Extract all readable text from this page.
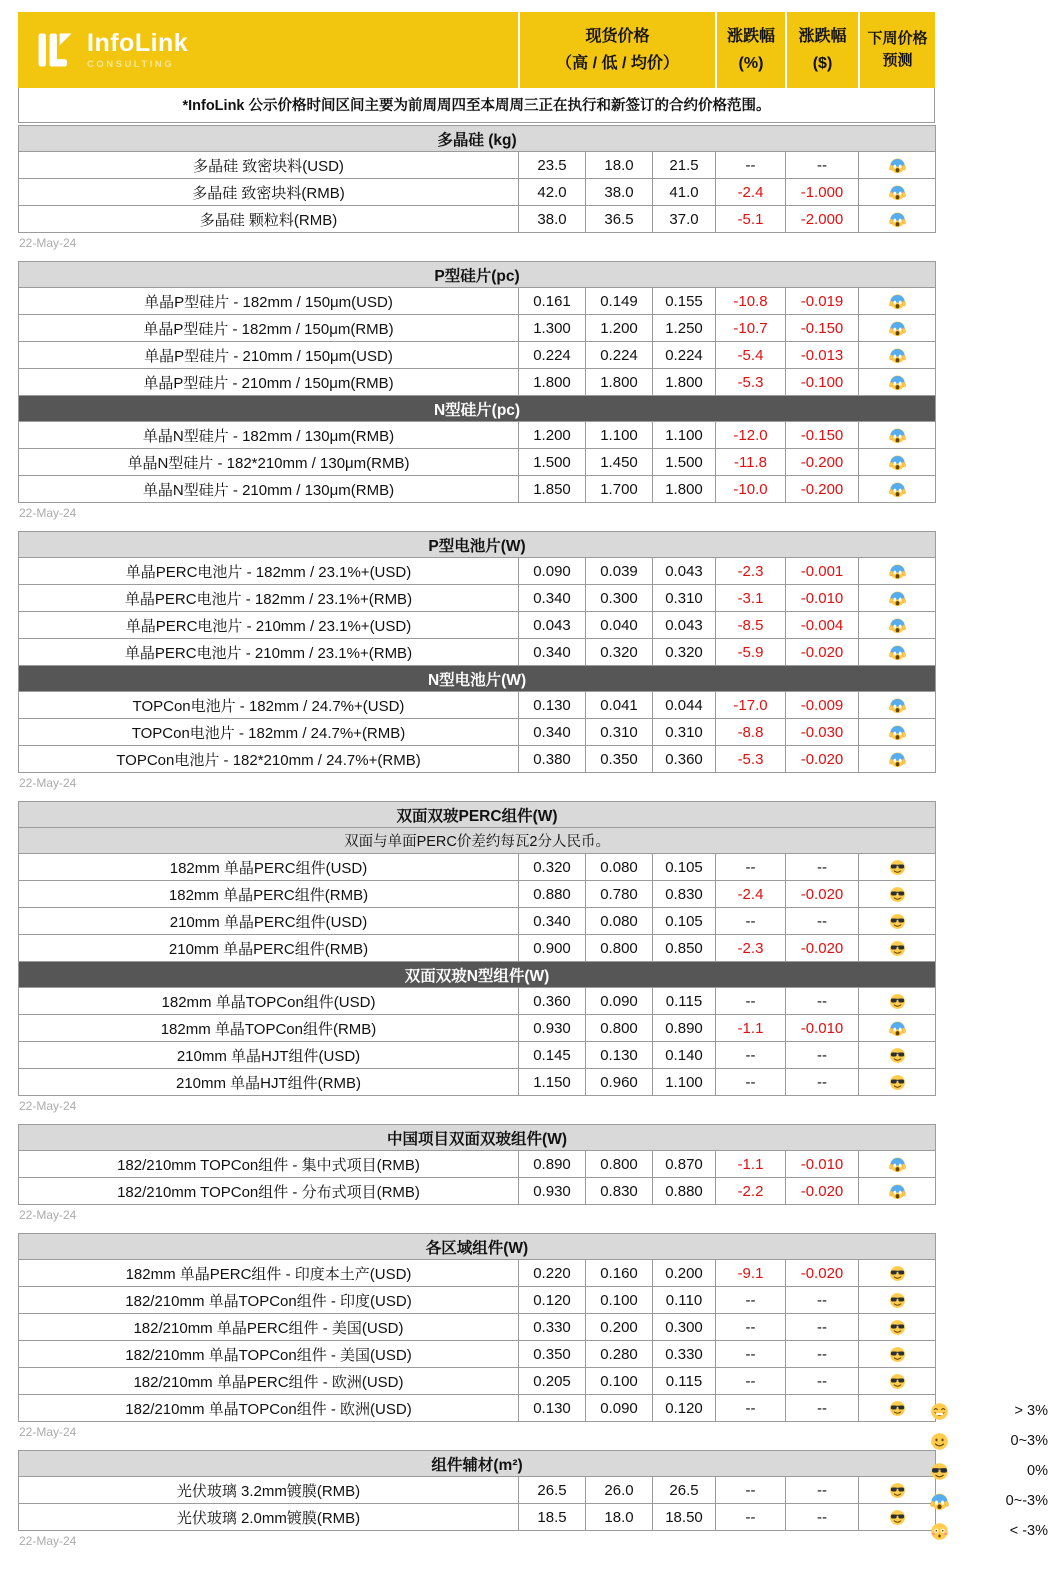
InfoLink
CONSULTING
现货价格
（高 / 低 / 均价）
涨跌幅
(%)
涨跌幅
($)
下周价格
预测
*InfoLink 公示价格时间区间主要为前周周四至本周周三正在执行和新签订的合约价格范围。
多晶硅 (kg)						
多晶硅 致密块料(USD)	23.5	18.0	21.5	--	--	

多晶硅 致密块料(RMB)	42.0	38.0	41.0	-2.4	-1.000	

多晶硅 颗粒料(RMB)	38.0	36.5	37.0	-5.1	-2.000	
22-May-24
P型硅片(pc)						
单晶P型硅片 - 182mm / 150μm(USD)	0.161	0.149	0.155	-10.8	-0.019	

单晶P型硅片 - 182mm / 150μm(RMB)	1.300	1.200	1.250	-10.7	-0.150	

单晶P型硅片 - 210mm / 150μm(USD)	0.224	0.224	0.224	-5.4	-0.013	

单晶P型硅片 - 210mm / 150μm(RMB)	1.800	1.800	1.800	-5.3	-0.100	

N型硅片(pc)						
单晶N型硅片 - 182mm / 130μm(RMB)	1.200	1.100	1.100	-12.0	-0.150	

单晶N型硅片 - 182*210mm / 130μm(RMB)	1.500	1.450	1.500	-11.8	-0.200	

单晶N型硅片 - 210mm / 130μm(RMB)	1.850	1.700	1.800	-10.0	-0.200	
22-May-24
P型电池片(W)						
单晶PERC电池片 - 182mm / 23.1%+(USD)	0.090	0.039	0.043	-2.3	-0.001	

单晶PERC电池片 - 182mm / 23.1%+(RMB)	0.340	0.300	0.310	-3.1	-0.010	

单晶PERC电池片 - 210mm / 23.1%+(USD)	0.043	0.040	0.043	-8.5	-0.004	

单晶PERC电池片 - 210mm / 23.1%+(RMB)	0.340	0.320	0.320	-5.9	-0.020	

N型电池片(W)						
TOPCon电池片 - 182mm / 24.7%+(USD)	0.130	0.041	0.044	-17.0	-0.009	

TOPCon电池片 - 182mm / 24.7%+(RMB)	0.340	0.310	0.310	-8.8	-0.030	

TOPCon电池片 - 182*210mm / 24.7%+(RMB)	0.380	0.350	0.360	-5.3	-0.020	
22-May-24
双面双玻PERC组件(W)						
双面与单面PERC价差约每瓦2分人民币。						
182mm 单晶PERC组件(USD)	0.320	0.080	0.105	--	--	

182mm 单晶PERC组件(RMB)	0.880	0.780	0.830	-2.4	-0.020	

210mm 单晶PERC组件(USD)	0.340	0.080	0.105	--	--	

210mm 单晶PERC组件(RMB)	0.900	0.800	0.850	-2.3	-0.020	

双面双玻N型组件(W)						
182mm 单晶TOPCon组件(USD)	0.360	0.090	0.115	--	--	

182mm 单晶TOPCon组件(RMB)	0.930	0.800	0.890	-1.1	-0.010	

210mm 单晶HJT组件(USD)	0.145	0.130	0.140	--	--	

210mm 单晶HJT组件(RMB)	1.150	0.960	1.100	--	--	
22-May-24
中国项目双面双玻组件(W)						
182/210mm TOPCon组件 - 集中式项目(RMB)	0.890	0.800	0.870	-1.1	-0.010	

182/210mm TOPCon组件 - 分布式项目(RMB)	0.930	0.830	0.880	-2.2	-0.020	
22-May-24
各区域组件(W)						
182mm 单晶PERC组件 - 印度本土产(USD)	0.220	0.160	0.200	-9.1	-0.020	

182/210mm 单晶TOPCon组件 - 印度(USD)	0.120	0.100	0.110	--	--	

182/210mm 单晶PERC组件 - 美国(USD)	0.330	0.200	0.300	--	--	

182/210mm 单晶TOPCon组件 - 美国(USD)	0.350	0.280	0.330	--	--	

182/210mm 单晶PERC组件 - 欧洲(USD)	0.205	0.100	0.115	--	--	

182/210mm 单晶TOPCon组件 - 欧洲(USD)	0.130	0.090	0.120	--	--	
22-May-24
组件辅材(m²)						
光伏玻璃 3.2mm镀膜(RMB)	26.5	26.0	26.5	--	--	

光伏玻璃 2.0mm镀膜(RMB)	18.5	18.0	18.50	--	--	
22-May-24
> 3%
0~3%
0%
0~-3%
< -3%
